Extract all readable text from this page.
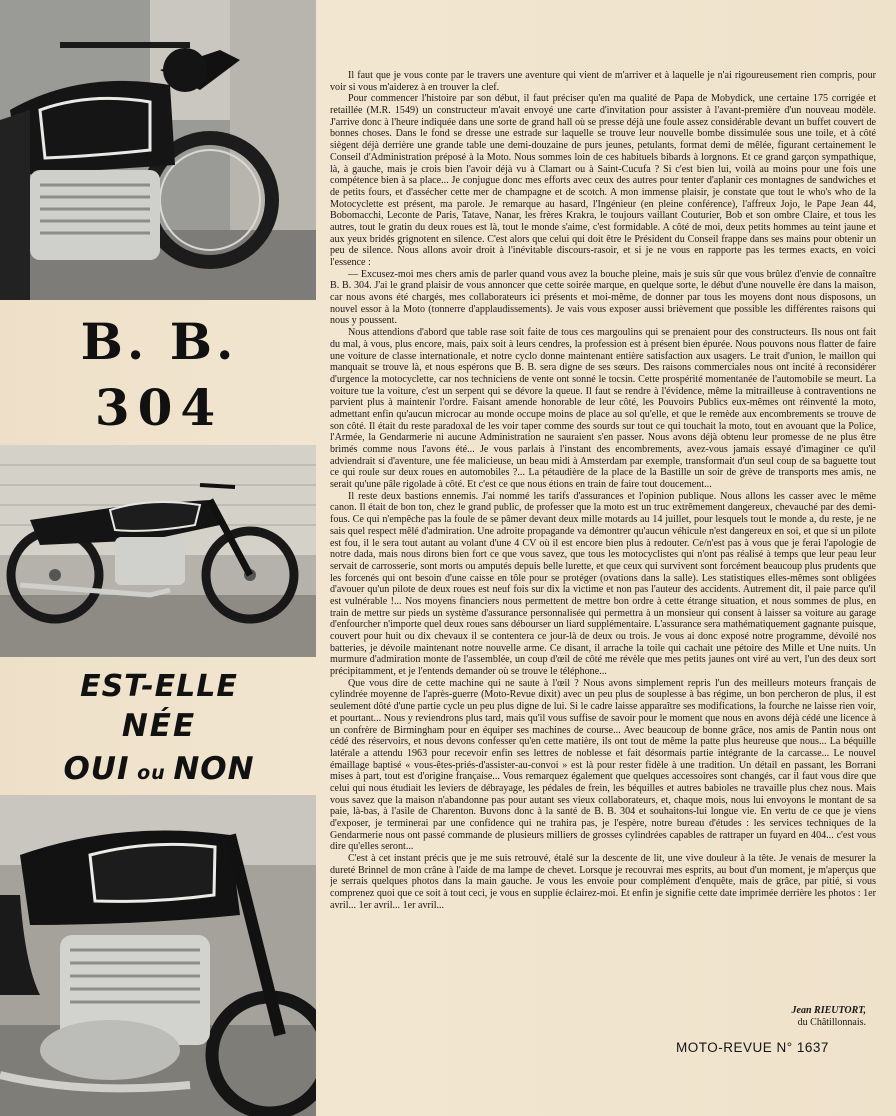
B. B.
304
EST-ELLE
NÉE
OUI ou NON

Il faut que je vous conte par le travers une aventure qui vient de m'arriver et à laquelle je n'ai rigoureusement rien compris, pour voir si vous m'aiderez à en trouver la clef.

Pour commencer l'histoire par son début, il faut préciser qu'en ma qualité de Papa de Mobydick, une certaine 175 corrigée et retaillée (M.R. 1549) un constructeur m'avait envoyé une carte d'invitation pour assister à l'avant-première d'un nouveau modèle. J'arrive donc à l'heure indiquée dans une sorte de grand hall où se presse déjà une foule assez considérable devant un buffet couvert de bonnes choses. Dans le fond se dresse une estrade sur laquelle se trouve leur nouvelle bombe dissimulée sous une toile, et à côté siègent déjà derrière une grande table une demi-douzaine de purs jeunes, petulants, format demi de mêlée, figurant certainement le Conseil d'Administration préposé à la Moto. Nous sommes loin de ces habituels bibards à lorgnons. Et ce grand garçon sympathique, là, à gauche, mais je crois bien l'avoir déjà vu à Clamart ou à Saint-Cucufa ? Si c'est bien lui, voilà au moins pour une fois une compétence bien à sa place... Je conjugue donc mes efforts avec ceux des autres pour tenter d'aplanir ces montagnes de sandwiches et de petits fours, et d'assécher cette mer de champagne et de scotch. A mon immense plaisir, je constate que tout le who's who de la Motocyclette est présent, ma parole. Je remarque au hasard, l'Ingénieur (en pleine conférence), l'affreux Jojo, le Pape Jean 44, Bobomacchi, Leconte de Paris, Tatave, Nanar, les frères Krakra, le toujours vaillant Couturier, Bob et son ombre Claire, et tous les autres, tout le gratin du deux roues est là, tout le monde s'aime, c'est formidable. A côté de moi, deux petits hommes au teint jaune et aux yeux bridés grignotent en silence. C'est alors que celui qui doit être le Président du Conseil frappe dans ses mains pour obtenir un peu de silence. Nous allons avoir droit à l'inévitable discours-rasoir, et si je ne vous en rapporte pas les termes exacts, en voici l'essence :

— Excusez-moi mes chers amis de parler quand vous avez la bouche pleine, mais je suis sûr que vous brûlez d'envie de connaître B. B. 304. J'ai le grand plaisir de vous annoncer que cette soirée marque, en quelque sorte, le début d'une nouvelle ère dans la maison, car nous avons été chargés, mes collaborateurs ici présents et moi-même, de donner par tous les moyens dont nous disposons, un nouvel essor à la Moto (tonnerre d'applaudissements). Je vais vous exposer aussi brièvement que possible les différentes raisons qui nous y poussent.

Nous attendions d'abord que table rase soit faite de tous ces margoulins qui se prenaient pour des constructeurs. Ils nous ont fait du mal, à vous, plus encore, mais, paix soit à leurs cendres, la profession est à présent bien épurée. Nous pouvons nous flatter de faire une voiture de classe internationale, et notre cyclo donne maintenant entière satisfaction aux usagers. Le trait d'union, le maillon qui manquait se trouve là, et nous espérons que B. B. sera digne de ses sœurs. Des raisons commerciales nous ont incité à reconsidérer d'urgence la motocyclette, car nos techniciens de vente ont sonné le tocsin. Cette prospérité momentanée de l'automobile se meurt. La voiture tue la voiture, c'est un serpent qui se dévore la queue. Il faut se rendre à l'évidence, même la mitrailleuse à contraventions ne parvient plus à maintenir l'ordre. Faisant amende honorable de leur côté, les Pouvoirs Publics eux-mêmes ont réinventé la moto, admettant enfin qu'aucun microcar au monde occupe moins de place au sol qu'elle, et que le remède aux encombrements se trouve de son côté. Il était du reste paradoxal de les voir taper comme des sourds sur tout ce qui touchait la moto, tout en avouant que la Police, l'Armée, la Gendarmerie ni aucune Administration ne sauraient s'en passer. Nous avons déjà obtenu leur promesse de ne plus être brimés comme nous l'avons été... Je vous parlais à l'instant des encombrements, avez-vous jamais essayé d'imaginer ce qu'il adviendrait si d'aventure, une fée malicieuse, un beau midi à Amsterdam par exemple, transformait d'un seul coup de sa baguette tout ce qui roule sur deux roues en automobiles ?... La pétaudière de la place de la Bastille un soir de grève de transports mes amis, ne serait qu'une pâle rigolade à côté. Et c'est ce que nous étions en train de faire tout doucement...

Il reste deux bastions ennemis. J'ai nommé les tarifs d'assurances et l'opinion publique. Nous allons les casser avec le même canon. Il était de bon ton, chez le grand public, de professer que la moto est un truc extrêmement dangereux, chevauché par des demi-fous. Ce qui n'empêche pas la foule de se pâmer devant deux mille motards au 14 juillet, pour lesquels tout le monde a, du reste, je ne sais quel respect mêlé d'admiration. Une adroite propagande va démontrer qu'aucun véhicule n'est dangereux en soi, et que si un pilote est fou, il le sera tout autant au volant d'une 4 CV où il est encore bien plus à redouter. Ce/n'est pas à vous que je ferai l'apologie de notre dada, mais nous dirons bien fort ce que vous savez, que tous les motocyclistes qui n'ont pas réalisé à temps que leur peau leur servait de carrosserie, sont morts ou amputés depuis belle lurette, et que ceux qui survivent sont forcément beaucoup plus prudents que les forcenés qui ont besoin d'une caisse en tôle pour se protéger (ovations dans la salle). Les statistiques elles-mêmes sont obligées d'avouer qu'un pilote de deux roues est neuf fois sur dix la victime et non pas l'auteur des accidents. Autrement dit, il paie parce qu'il est vulnérable !... Nos moyens financiers nous permettent de mettre bon ordre à cette étrange situation, et nous sommes de plus, en train de mettre sur pieds un système d'assurance personnalisée qui permettra à un monsieur qui consent à laisser sa voiture au garage d'enfourcher n'importe quel deux roues sans débourser un liard supplémentaire. L'assurance sera mathématiquement gagnante puisque, couvert pour huit ou dix chevaux il se contentera ce jour-là de deux ou trois. Je vous ai donc exposé notre programme, dévoilé nos batteries, je dévoile maintenant notre nouvelle arme. Ce disant, il arrache la toile qui cachait une pétoire des Mille et Une nuits. Un murmure d'admiration monte de l'assemblée, un coup d'œil de côté me révèle que mes petits jaunes ont viré au vert, l'un des deux sort précipitamment, et je l'entends demander où se trouve le téléphone...

Que vous dire de cette machine qui ne saute à l'œil ? Nous avons simplement repris l'un des meilleurs moteurs français de cylindrée moyenne de l'après-guerre (Moto-Revue dixit) avec un peu plus de souplesse à bas régime, un bon percheron de plus, il est seulement dôté d'une partie cycle un peu plus digne de lui. Si le cadre laisse apparaître ses modifications, la fourche ne laisse rien voir, et pourtant... Nous y reviendrons plus tard, mais qu'il vous suffise de savoir pour le moment que nous en avons déjà cédé une licence à un confrère de Birmingham pour en équiper ses machines de course... Avec beaucoup de bonne grâce, nos amis de Pantin nous ont cédé des réservoirs, et nous devons confesser qu'en cette matière, ils ont tout de même la patte plus heureuse que nous... La béquille latérale a attendu 1963 pour recevoir enfin ses lettres de noblesse et fait désormais partie intégrante de la carcasse... Le nouvel émaillage baptisé « vous-êtes-priés-d'assister-au-convoi » est là pour rester fidèle à une tradition. Un détail en passant, les Borrani mises à part, tout est d'origine française... Vous remarquez également que quelques accessoires sont changés, car il faut vous dire que celui qui nous étudiait les leviers de débrayage, les pédales de frein, les béquilles et autres babioles ne travaille plus chez nous. Mais vous savez que la maison n'abandonne pas pour autant ses vieux collaborateurs, et, chaque mois, nous lui envoyons le montant de sa paie, là-bas, à l'asile de Charenton. Buvons donc à la santé de B. B. 304 et souhaitons-lui longue vie. En vertu de ce que je viens d'exposer, je terminerai par une confidence qui ne trahira pas, je l'espère, notre bureau d'études : les services techniques de la Gendarmerie nous ont passé commande de plusieurs milliers de grosses cylindrées capables de rattraper un fuyard en 404... c'est vous dire qu'elles seront...

C'est à cet instant précis que je me suis retrouvé, étalé sur la descente de lit, une vive douleur à la tête. Je venais de mesurer la dureté Brinnel de mon crâne à l'aide de ma lampe de chevet. Lorsque je recouvrai mes esprits, au bout d'un moment, je m'aperçus que je serrais quelques photos dans la main gauche. Je vous les envoie pour complément d'enquête, mais de grâce, par pitié, si vous comprenez quoi que ce soit à tout ceci, je vous en supplie éclairez-moi. Et enfin je signifie cette date imprimée derrière les photos : 1er avril... 1er avril... 1er avril...

Jean RIEUTORT,
du Châtillonnais.
MOTO-REVUE N° 1637
